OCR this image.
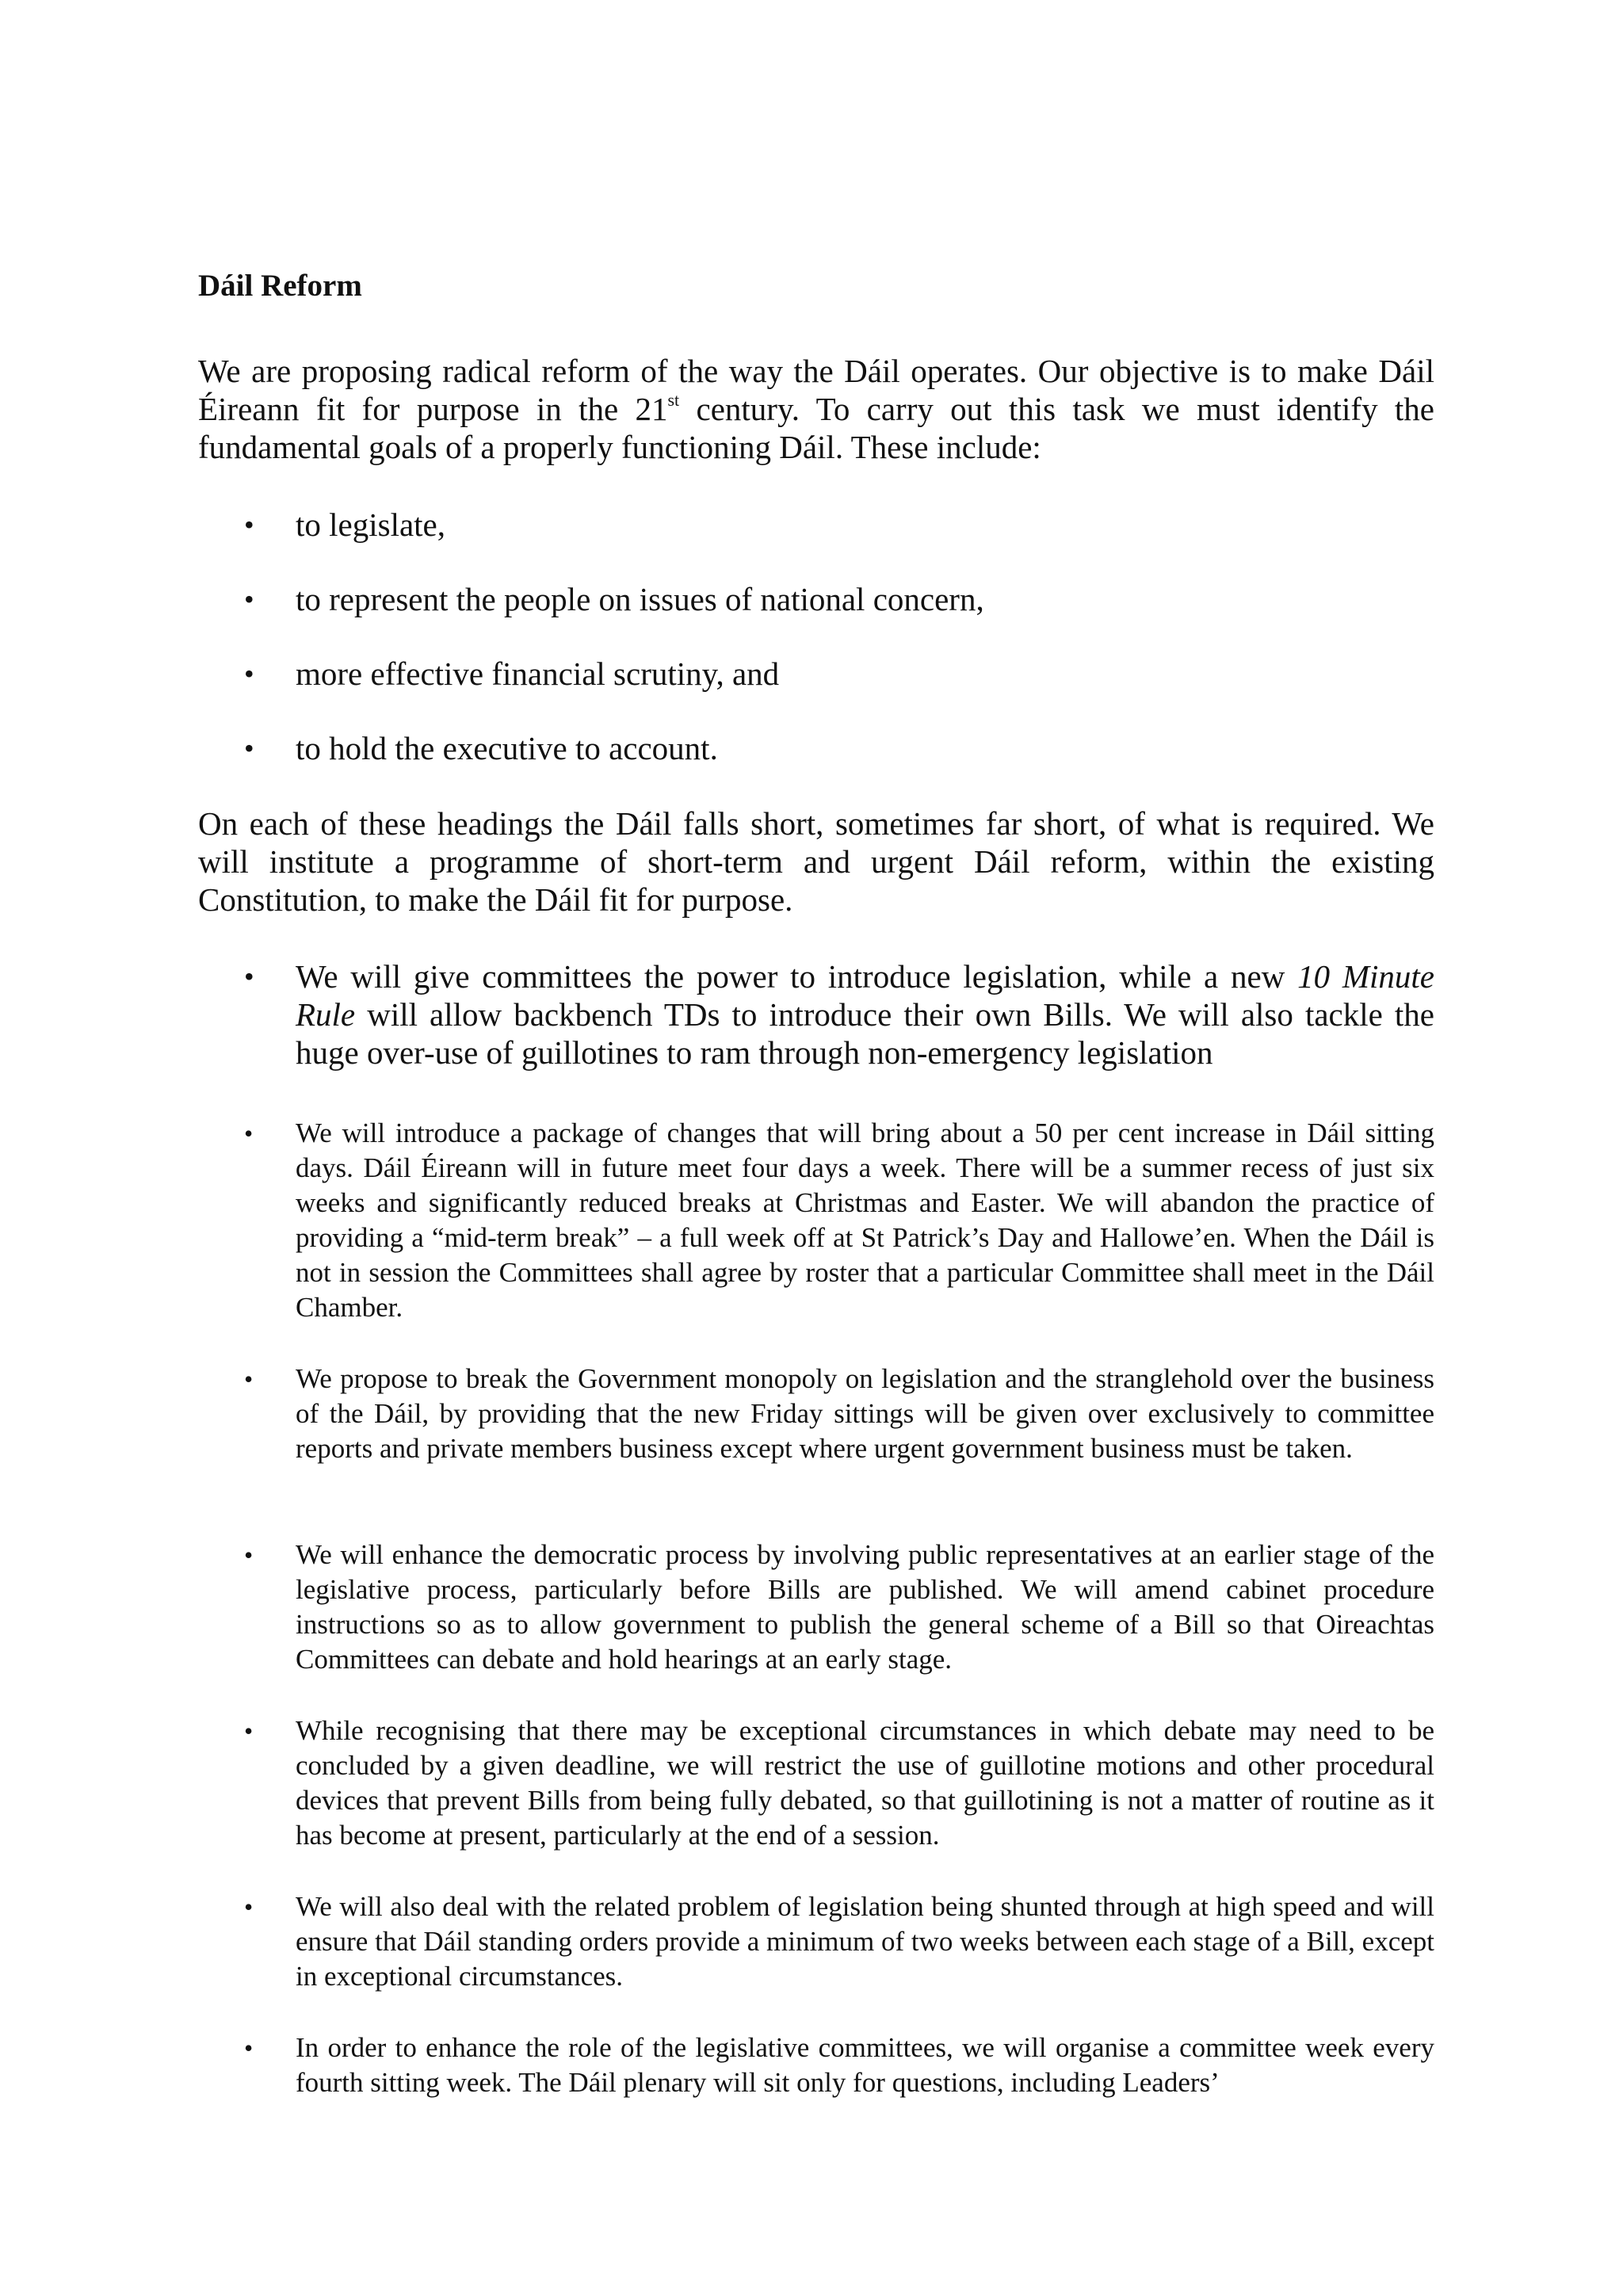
Dáil Reform
We are proposing radical reform of the way the Dáil operates. Our objective is to make Dáil Éireann fit for purpose in the 21st century. To carry out this task we must identify the fundamental goals of a properly functioning Dáil. These include:
• to legislate,
• to represent the people on issues of national concern,
• more effective financial scrutiny, and
• to hold the executive to account.
On each of these headings the Dáil falls short, sometimes far short, of what is required. We will institute a programme of short-term and urgent Dáil reform, within the existing Constitution, to make the Dáil fit for purpose.
• We will give committees the power to introduce legislation, while a new 10 Minute Rule will allow backbench TDs to introduce their own Bills. We will also tackle the huge over-use of guillotines to ram through non-emergency legislation
• We will introduce a package of changes that will bring about a 50 per cent increase in Dáil sitting days. Dáil Éireann will in future meet four days a week. There will be a summer recess of just six weeks and significantly reduced breaks at Christmas and Easter. We will abandon the practice of providing a “mid-term break” – a full week off at St Patrick’s Day and Hallowe’en. When the Dáil is not in session the Committees shall agree by roster that a particular Committee shall meet in the Dáil Chamber.
• We propose to break the Government monopoly on legislation and the stranglehold over the business of the Dáil, by providing that the new Friday sittings will be given over exclusively to committee reports and private members business except where urgent government business must be taken.
• We will enhance the democratic process by involving public representatives at an earlier stage of the legislative process, particularly before Bills are published. We will amend cabinet procedure instructions so as to allow government to publish the general scheme of a Bill so that Oireachtas Committees can debate and hold hearings at an early stage.
• While recognising that there may be exceptional circumstances in which debate may need to be concluded by a given deadline, we will restrict the use of guillotine motions and other procedural devices that prevent Bills from being fully debated, so that guillotining is not a matter of routine as it has become at present, particularly at the end of a session.
• We will also deal with the related problem of legislation being shunted through at high speed and will ensure that Dáil standing orders provide a minimum of two weeks between each stage of a Bill, except in exceptional circumstances.
• In order to enhance the role of the legislative committees, we will organise a committee week every fourth sitting week. The Dáil plenary will sit only for questions, including Leaders’
